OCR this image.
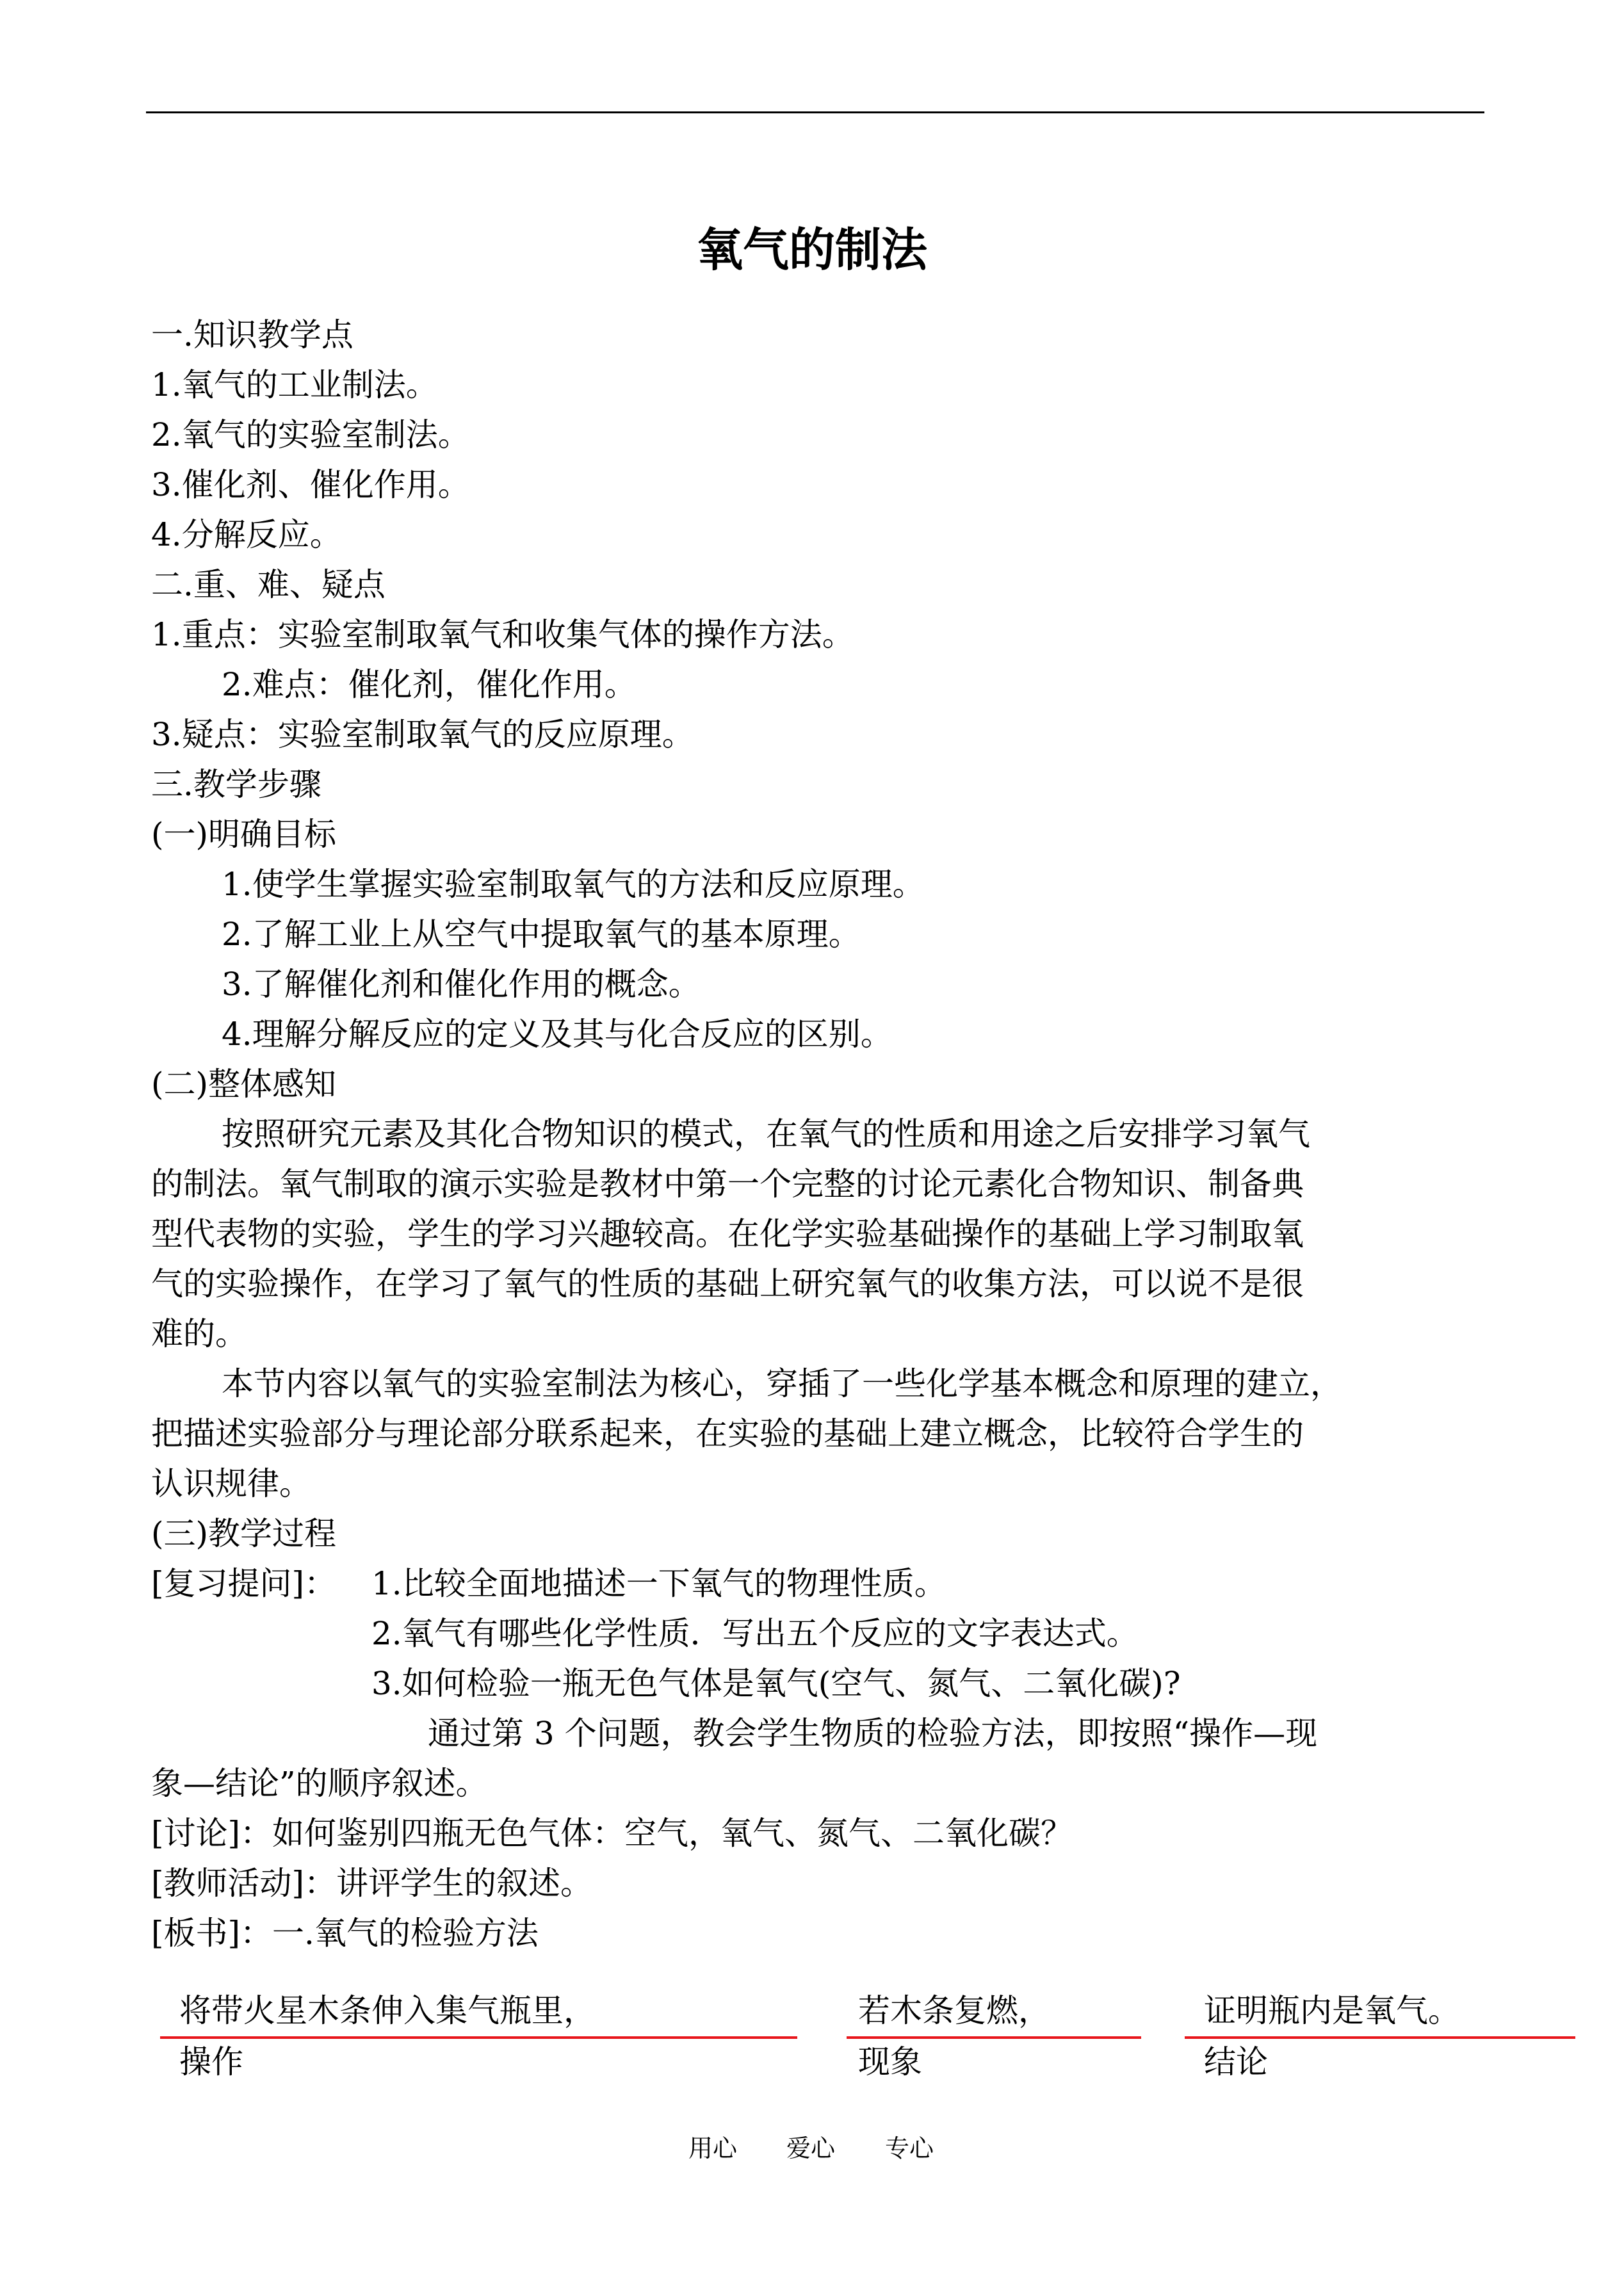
氧气的制法
一.知识教学点
1.氧气的工业制法。
2.氧气的实验室制法。
3.催化剂、催化作用。
4.分解反应。
二.重、难、疑点
1.重点：实验室制取氧气和收集气体的操作方法。
2.难点：催化剂，催化作用。
3.疑点：实验室制取氧气的反应原理。
三.教学步骤
(一)明确目标
1.使学生掌握实验室制取氧气的方法和反应原理。
2.了解工业上从空气中提取氧气的基本原理。
3.了解催化剂和催化作用的概念。
4.理解分解反应的定义及其与化合反应的区别。
(二)整体感知
按照研究元素及其化合物知识的模式，在氧气的性质和用途之后安排学习氧气
的制法。氧气制取的演示实验是教材中第一个完整的讨论元素化合物知识、制备典
型代表物的实验，学生的学习兴趣较高。在化学实验基础操作的基础上学习制取氧
气的实验操作，在学习了氧气的性质的基础上研究氧气的收集方法，可以说不是很
难的。
本节内容以氧气的实验室制法为核心，穿插了一些化学基本概念和原理的建立，
把描述实验部分与理论部分联系起来，在实验的基础上建立概念，比较符合学生的
认识规律。
(三)教学过程
[复习提问]： 1.比较全面地描述一下氧气的物理性质。
2.氧气有哪些化学性质．写出五个反应的文字表达式。
3.如何检验一瓶无色气体是氧气(空气、氮气、二氧化碳)?
通过第 3 个问题，教会学生物质的检验方法，即按照“操作—现
象—结论”的顺序叙述。
[讨论]：如何鉴别四瓶无色气体：空气，氧气、氮气、二氧化碳？
[教师活动]：讲评学生的叙述。
[板书]：一.氧气的检验方法
将带火星木条伸入集气瓶里，	若木条复燃，	证明瓶内是氧气。
操作	现象	结论
用心 爱心 专心
